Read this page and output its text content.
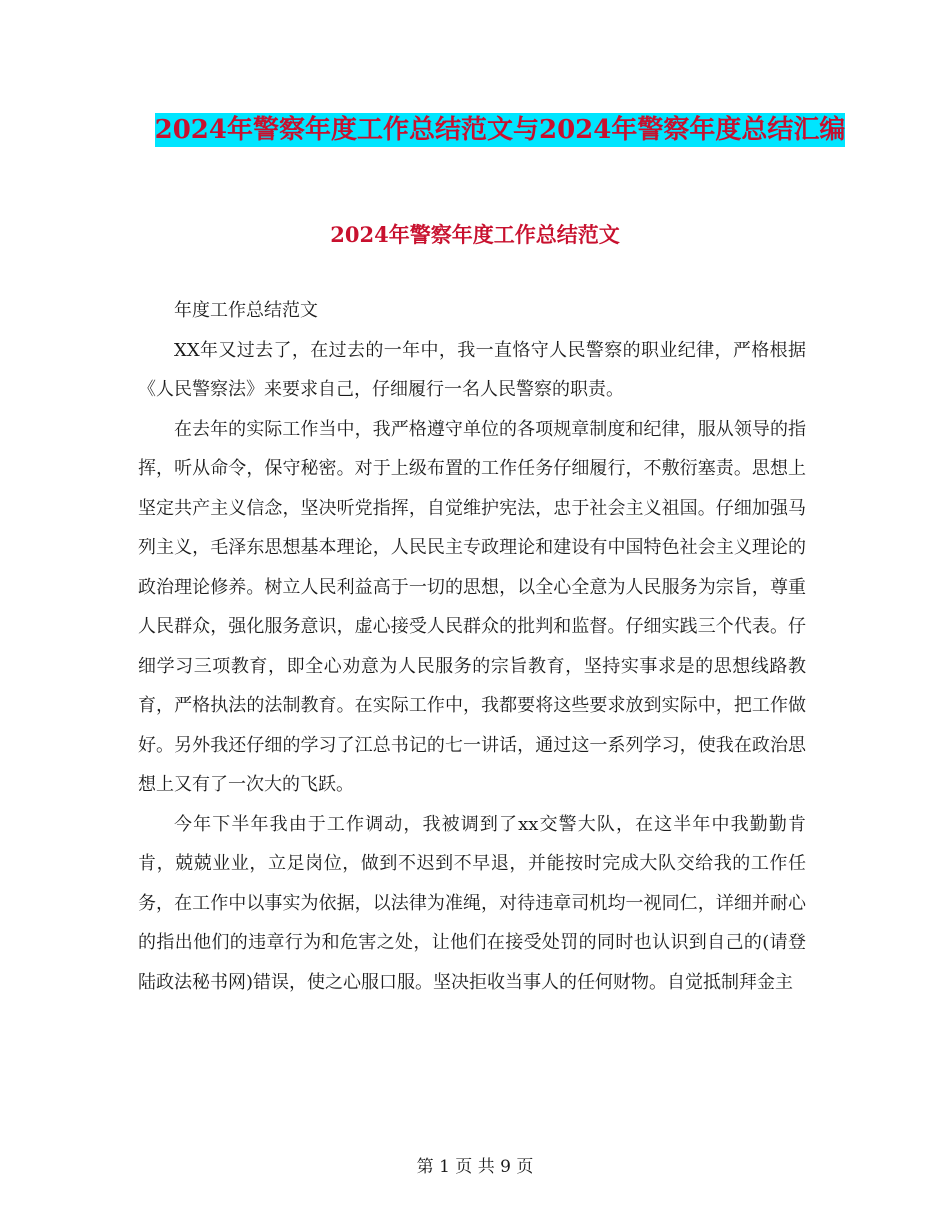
2024年警察年度工作总结范文与2024年警察年度总结汇编
2024年警察年度工作总结范文

年度工作总结范文

XX年又过去了，在过去的一年中，我一直恪守人民警察的职业纪律，严格根据《人民警察法》来要求自己，仔细履行一名人民警察的职责。

在去年的实际工作当中，我严格遵守单位的各项规章制度和纪律，服从领导的指挥，听从命令，保守秘密。对于上级布置的工作任务仔细履行，不敷衍塞责。思想上坚定共产主义信念，坚决听党指挥，自觉维护宪法，忠于社会主义祖国。仔细加强马列主义，毛泽东思想基本理论，人民民主专政理论和建设有中国特色社会主义理论的政治理论修养。树立人民利益高于一切的思想，以全心全意为人民服务为宗旨，尊重人民群众，强化服务意识，虚心接受人民群众的批判和监督。仔细实践三个代表。仔细学习三项教育，即全心劝意为人民服务的宗旨教育，坚持实事求是的思想线路教育，严格执法的法制教育。在实际工作中，我都要将这些要求放到实际中，把工作做好。另外我还仔细的学习了江总书记的七一讲话，通过这一系列学习，使我在政治思想上又有了一次大的飞跃。

今年下半年我由于工作调动，我被调到了xx交警大队，在这半年中我勤勤肯肯，兢兢业业，立足岗位，做到不迟到不早退，并能按时完成大队交给我的工作任务，在工作中以事实为依据，以法律为准绳，对待违章司机均一视同仁，详细并耐心的指出他们的违章行为和危害之处，让他们在接受处罚的同时也认识到自己的(请登陆政法秘书网)错误，使之心服口服。坚决拒收当事人的任何财物。自觉抵制拜金主

第 1 页 共 9 页
